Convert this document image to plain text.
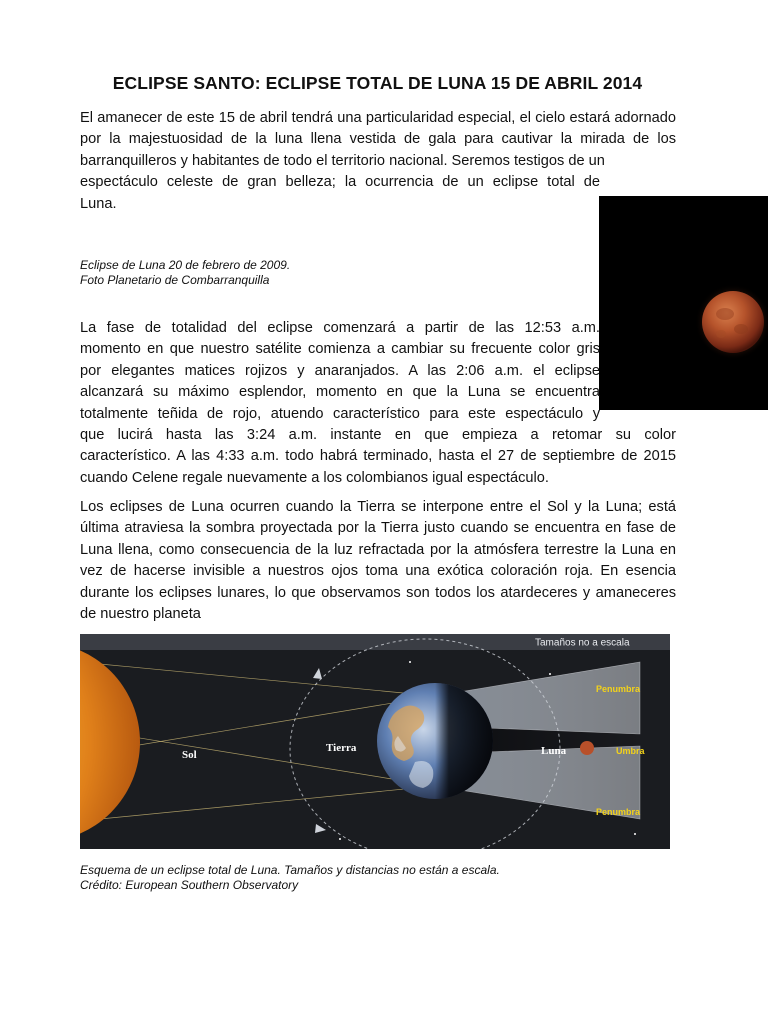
ECLIPSE SANTO: ECLIPSE TOTAL DE LUNA 15 DE ABRIL 2014
El amanecer de este 15 de abril tendrá una particularidad especial, el cielo estará adornado por la majestuosidad de la luna llena vestida de gala para cautivar la mirada de los barranquilleros y habitantes de todo el territorio nacional. Seremos testigos de un
espectáculo celeste de gran belleza; la ocurrencia de un eclipse total de
Luna.
Eclipse de Luna 20 de febrero de 2009.
Foto Planetario de Combarranquilla
La fase de totalidad del eclipse comenzará a partir de las 12:53 a.m.
momento en que nuestro satélite comienza a cambiar su frecuente color gris
por elegantes matices rojizos y anaranjados. A las 2:06 a.m. el eclipse
alcanzará su máximo esplendor, momento en que la Luna se encuentra
totalmente teñida de rojo, atuendo característico para este espectáculo y
que lucirá hasta las 3:24 a.m. instante en que empieza a retomar su color
característico. A las 4:33 a.m. todo habrá terminado, hasta el 27 de septiembre de 2015
cuando Celene regale nuevamente a los colombianos igual espectáculo.

Los eclipses de Luna ocurren cuando la Tierra se interpone entre el Sol y la Luna; está última atraviesa la sombra proyectada por la Tierra justo cuando se encuentra en fase de Luna llena, como consecuencia de la luz refractada por la atmósfera terrestre la Luna en vez de hacerse invisible a nuestros ojos toma una exótica coloración roja. En esencia durante los eclipses lunares, lo que observamos son todos los atardeceres y amaneceres de nuestro planeta

Tamaños no a escala
Sol
Tierra	Luna
Penumbra
Umbra
Penumbra
Esquema de un eclipse total de Luna. Tamaños y distancias no están a escala.
Crédito: European Southern Observatory
